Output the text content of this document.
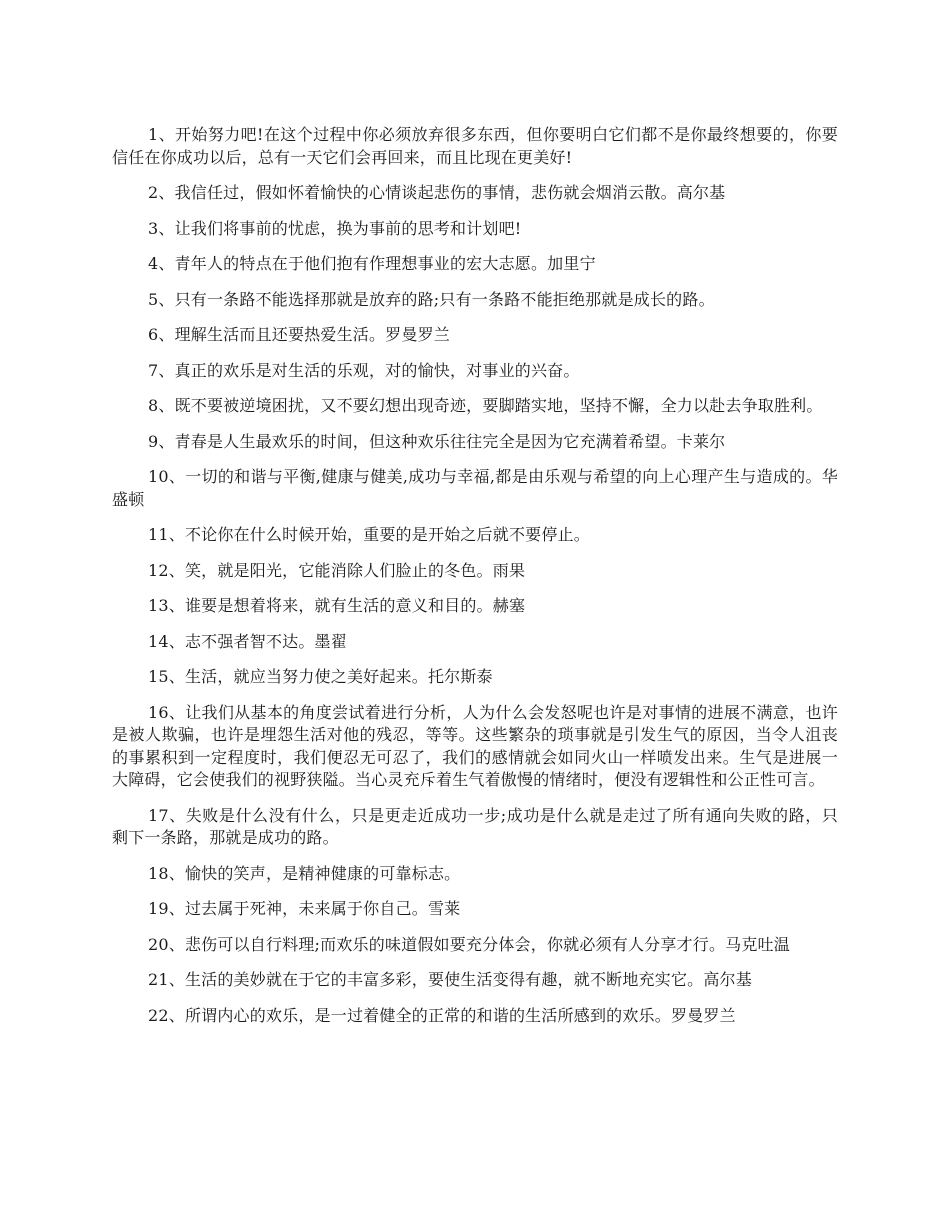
1、开始努力吧!在这个过程中你必须放弃很多东西，但你要明白它们都不是你最终想要的，你要信任在你成功以后，总有一天它们会再回来，而且比现在更美好!

2、我信任过，假如怀着愉快的心情谈起悲伤的事情，悲伤就会烟消云散。高尔基

3、让我们将事前的忧虑，换为事前的思考和计划吧!

4、青年人的特点在于他们抱有作理想事业的宏大志愿。加里宁

5、只有一条路不能选择那就是放弃的路;只有一条路不能拒绝那就是成长的路。

6、理解生活而且还要热爱生活。罗曼罗兰

7、真正的欢乐是对生活的乐观，对的愉快，对事业的兴奋。

8、既不要被逆境困扰，又不要幻想出现奇迹，要脚踏实地，坚持不懈，全力以赴去争取胜利。

9、青春是人生最欢乐的时间，但这种欢乐往往完全是因为它充满着希望。卡莱尔

10、一切的和谐与平衡,健康与健美,成功与幸福,都是由乐观与希望的向上心理产生与造成的。华盛顿

11、不论你在什么时候开始，重要的是开始之后就不要停止。

12、笑，就是阳光，它能消除人们脸止的冬色。雨果

13、谁要是想着将来，就有生活的意义和目的。赫塞

14、志不强者智不达。墨翟

15、生活，就应当努力使之美好起来。托尔斯泰

16、让我们从基本的角度尝试着进行分析，人为什么会发怒呢也许是对事情的进展不满意，也许是被人欺骗，也许是埋怨生活对他的残忍，等等。这些繁杂的琐事就是引发生气的原因，当令人沮丧的事累积到一定程度时，我们便忍无可忍了，我们的感情就会如同火山一样喷发出来。生气是进展一大障碍，它会使我们的视野狭隘。当心灵充斥着生气着傲慢的情绪时，便没有逻辑性和公正性可言。

17、失败是什么没有什么，只是更走近成功一步;成功是什么就是走过了所有通向失败的路，只剩下一条路，那就是成功的路。

18、愉快的笑声，是精神健康的可靠标志。

19、过去属于死神，未来属于你自己。雪莱

20、悲伤可以自行料理;而欢乐的味道假如要充分体会，你就必须有人分享才行。马克吐温

21、生活的美妙就在于它的丰富多彩，要使生活变得有趣，就不断地充实它。高尔基

22、所谓内心的欢乐，是一过着健全的正常的和谐的生活所感到的欢乐。罗曼罗兰
